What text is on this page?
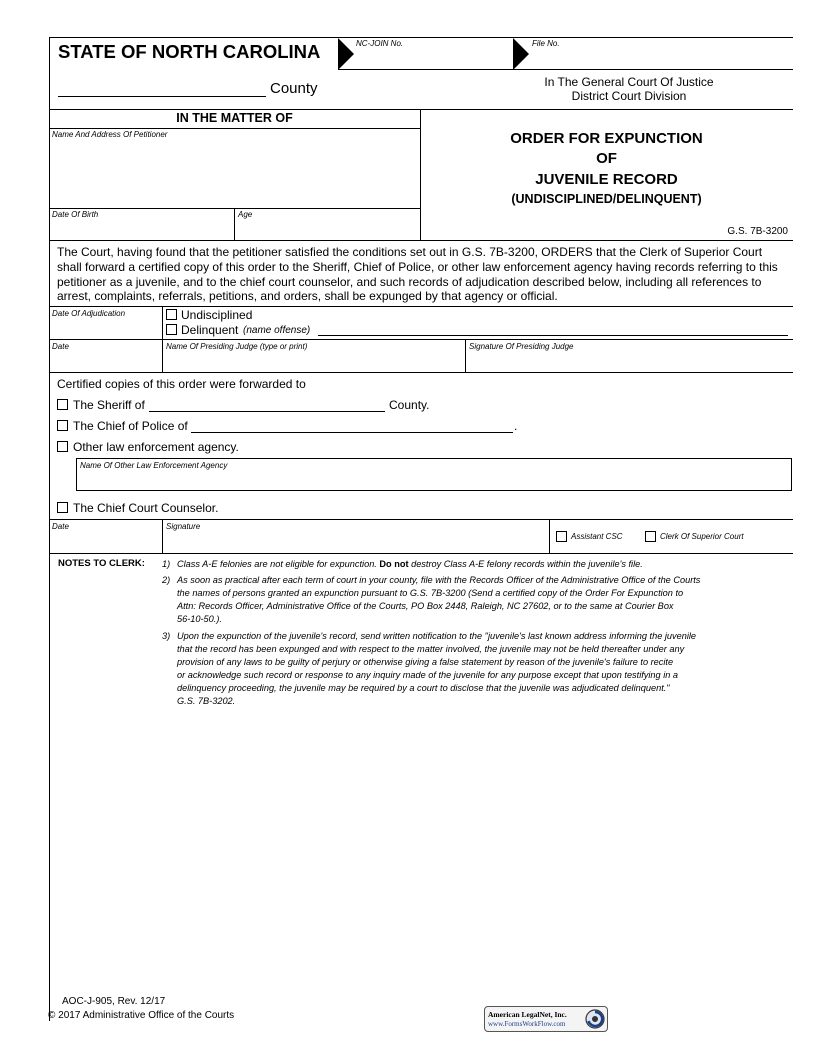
STATE OF NORTH CAROLINA	NC-JOIN No.	File No.
County	In The General Court Of Justice
District Court Division
IN THE MATTER OF
Name And Address Of Petitioner
Date Of Birth	Age
ORDER FOR EXPUNCTION
OF
JUVENILE RECORD
(UNDISCIPLINED/DELINQUENT)
G.S. 7B-3200
The Court, having found that the petitioner satisfied the conditions set out in G.S. 7B-3200, ORDERS that the Clerk of Superior Court
shall forward a certified copy of this order to the Sheriff, Chief of Police, or other law enforcement agency having records referring to this
petitioner as a juvenile, and to the chief court counselor, and such records of adjudication described below, including all references to
arrest, complaints, referrals, petitions, and orders, shall be expunged by that agency or official.
Date Of Adjudication	Undisciplined
Delinquent (name offense)
Date	Name Of Presiding Judge (type or print)	Signature Of Presiding Judge
Certified copies of this order were forwarded to
The Sheriff of	County.
The Chief of Police of	.
Other law enforcement agency.
Name Of Other Law Enforcement Agency
The Chief Court Counselor.
Date	Signature
Assistant CSC	Clerk Of Superior Court
NOTES TO CLERK: 1) Class A-E felonies are not eligible for expunction. Do not destroy Class A-E felony records within the juvenile's file.
2) As soon as practical after each term of court in your county, file with the Records Officer of the Administrative Office of the Courts
the names of persons granted an expunction pursuant to G.S. 7B-3200 (Send a certified copy of the Order For Expunction to
Attn: Records Officer, Administrative Office of the Courts, PO Box 2448, Raleigh, NC 27602, or to the same at Courier Box
56-10-50.).
3) Upon the expunction of the juvenile's record, send written notification to the "juvenile's last known address informing the juvenile
that the record has been expunged and with respect to the matter involved, the juvenile may not be held thereafter under any
provision of any laws to be guilty of perjury or otherwise giving a false statement by reason of the juvenile's failure to recite
or acknowledge such record or response to any inquiry made of the juvenile for any purpose except that upon testifying in a
delinquency proceeding, the juvenile may be required by a court to disclose that the juvenile was adjudicated delinquent."
G.S. 7B-3202.
AOC-J-905, Rev. 12/17
© 2017 Administrative Office of the Courts	American LegalNet, Inc.
www.FormsWorkFlow.com
